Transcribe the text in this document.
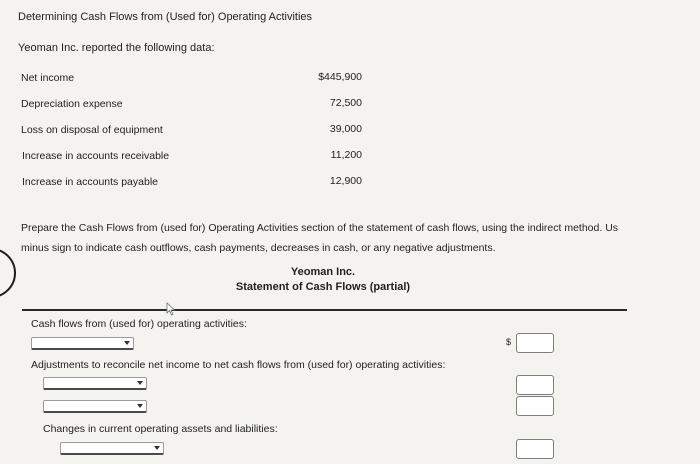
Determining Cash Flows from (Used for) Operating Activities
Yeoman Inc. reported the following data:
Net income	$445,900
Depreciation expense	72,500
Loss on disposal of equipment	39,000
Increase in accounts receivable	11,200
Increase in accounts payable	12,900
Prepare the Cash Flows from (used for) Operating Activities section of the statement of cash flows, using the indirect method. Us
minus sign to indicate cash outflows, cash payments, decreases in cash, or any negative adjustments.
Yeoman Inc.
Statement of Cash Flows (partial)
Cash flows from (used for) operating activities:
$
Adjustments to reconcile net income to net cash flows from (used for) operating activities:
Changes in current operating assets and liabilities:
